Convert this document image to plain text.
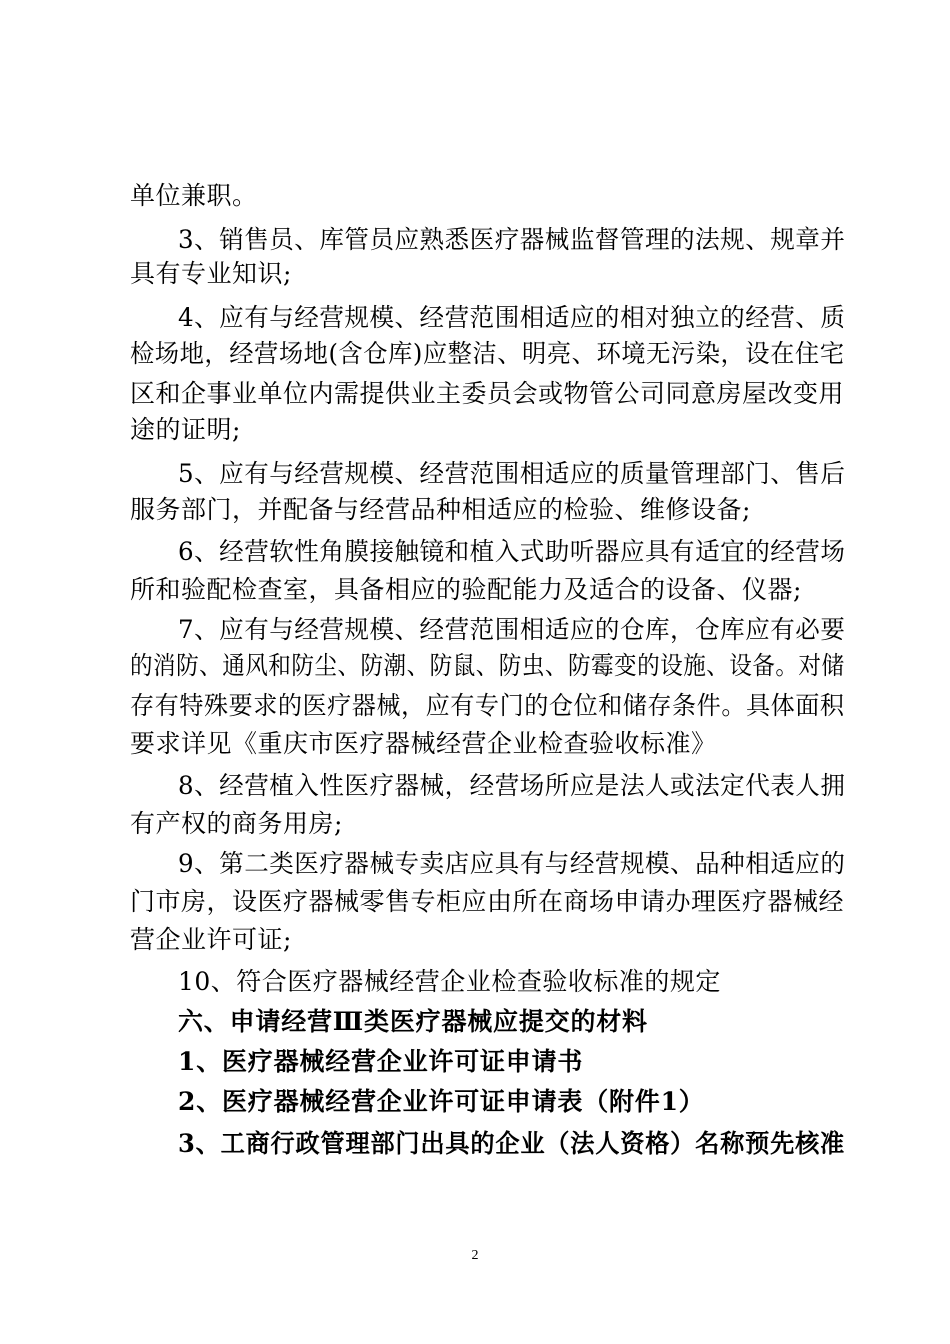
单位兼职。
3、销售员、库管员应熟悉医疗器械监督管理的法规、规章并
具有专业知识;
4、应有与经营规模、经营范围相适应的相对独立的经营、质
检场地，经营场地(含仓库)应整洁、明亮、环境无污染，设在住宅
区和企事业单位内需提供业主委员会或物管公司同意房屋改变用
途的证明;
5、应有与经营规模、经营范围相适应的质量管理部门、售后
服务部门，并配备与经营品种相适应的检验、维修设备;
6、经营软性角膜接触镜和植入式助听器应具有适宜的经营场
所和验配检查室，具备相应的验配能力及适合的设备、仪器;
7、应有与经营规模、经营范围相适应的仓库，仓库应有必要
的消防、通风和防尘、防潮、防鼠、防虫、防霉变的设施、设备。对储
存有特殊要求的医疗器械，应有专门的仓位和储存条件。具体面积
要求详见《重庆市医疗器械经营企业检查验收标准》
8、经营植入性医疗器械，经营场所应是法人或法定代表人拥
有产权的商务用房;
9、第二类医疗器械专卖店应具有与经营规模、品种相适应的
门市房，设医疗器械零售专柜应由所在商场申请办理医疗器械经
营企业许可证;
10、符合医疗器械经营企业检查验收标准的规定
六、申请经营Ⅲ类医疗器械应提交的材料
1、医疗器械经营企业许可证申请书
2、医疗器械经营企业许可证申请表（附件1）
3、工商行政管理部门出具的企业（法人资格）名称预先核准
2
